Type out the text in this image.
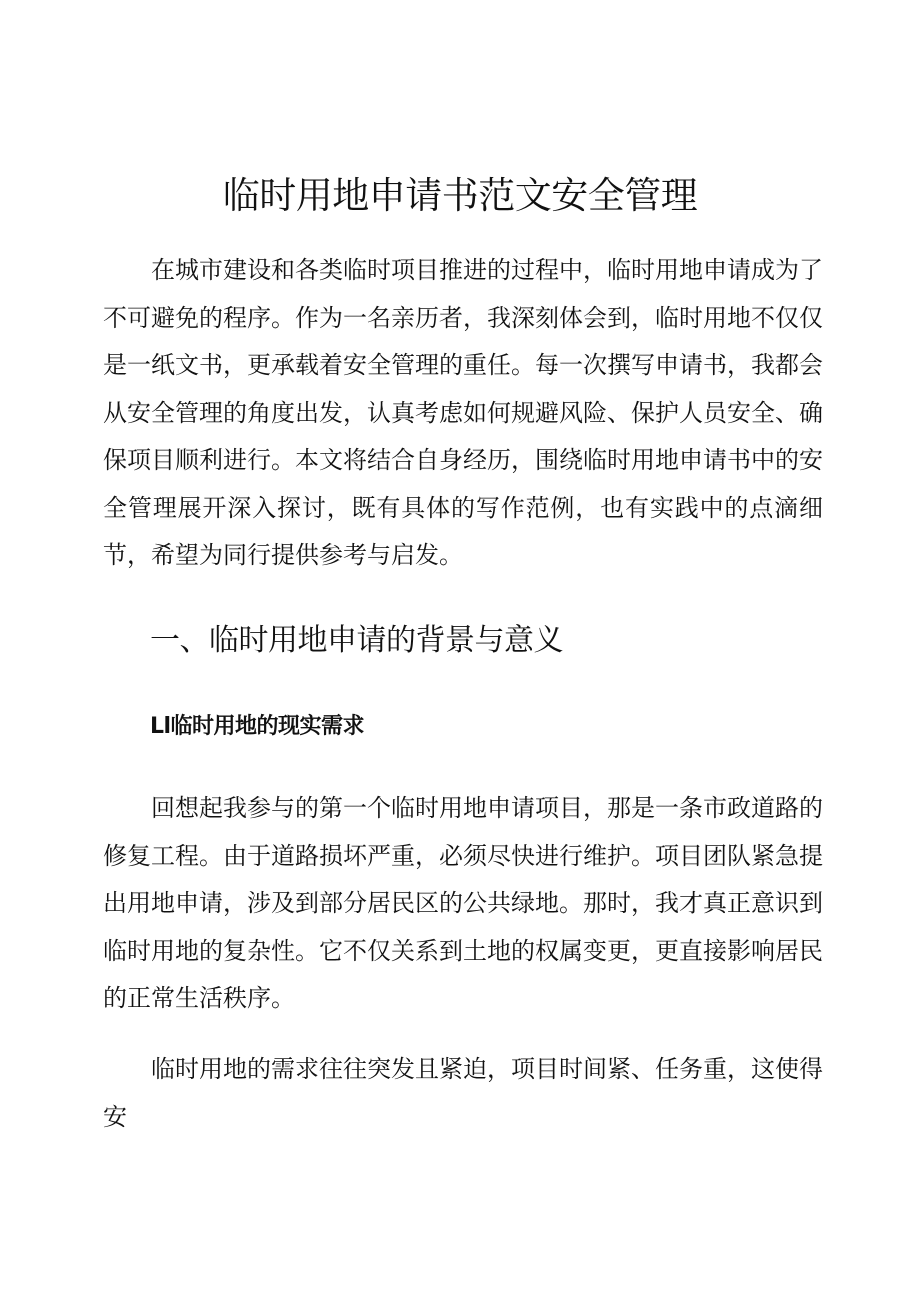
临时用地申请书范文安全管理

在城市建设和各类临时项目推进的过程中，临时用地申请成为了不可避免的程序。作为一名亲历者，我深刻体会到，临时用地不仅仅是一纸文书，更承载着安全管理的重任。每一次撰写申请书，我都会从安全管理的角度出发，认真考虑如何规避风险、保护人员安全、确保项目顺利进行。本文将结合自身经历，围绕临时用地申请书中的安全管理展开深入探讨，既有具体的写作范例，也有实践中的点滴细节，希望为同行提供参考与启发。

一、临时用地申请的背景与意义
Ll临时用地的现实需求

回想起我参与的第一个临时用地申请项目，那是一条市政道路的修复工程。由于道路损坏严重，必须尽快进行维护。项目团队紧急提出用地申请，涉及到部分居民区的公共绿地。那时，我才真正意识到临时用地的复杂性。它不仅关系到土地的权属变更，更直接影响居民的正常生活秩序。

临时用地的需求往往突发且紧迫，项目时间紧、任务重，这使得安
